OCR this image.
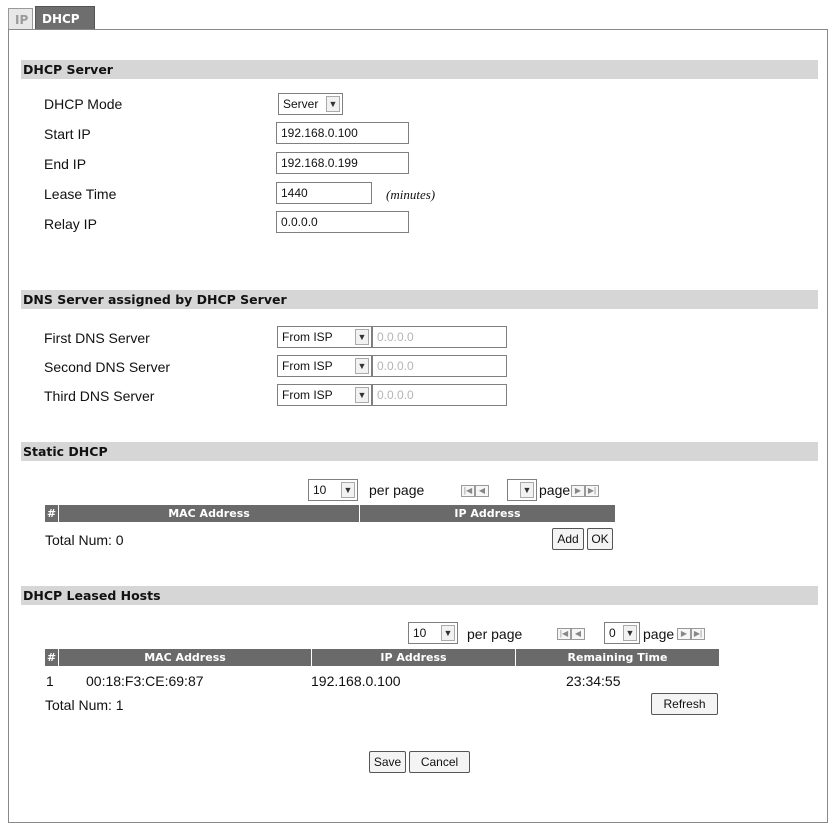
IP	DHCP
DHCP Server
DHCP Mode	Server ▼
Start IP	192.168.0.100
End IP	192.168.0.199
Lease Time	1440	(minutes)
Relay IP	0.0.0.0
DNS Server assigned by DHCP Server
First DNS Server	From ISP	▼ 0.0.0.0
Second DNS Server	From ISP	▼ 0.0.0.0
Third DNS Server	From ISP	▼ 0.0.0.0
Static DHCP
10 ▼ per page	|◀ ◀	▼ page ▶ ▶|
#	MAC Address	IP Address
Total Num: 0	Add	OK
DHCP Leased Hosts
10 ▼ per page	|◀ ◀	0 ▼ page ▶ ▶|
#	MAC Address	IP Address	Remaining Time
1 00:18:F3:CE:69:87	192.168.0.100	23:34:55
Total Num: 1	Refresh
Save	Cancel
